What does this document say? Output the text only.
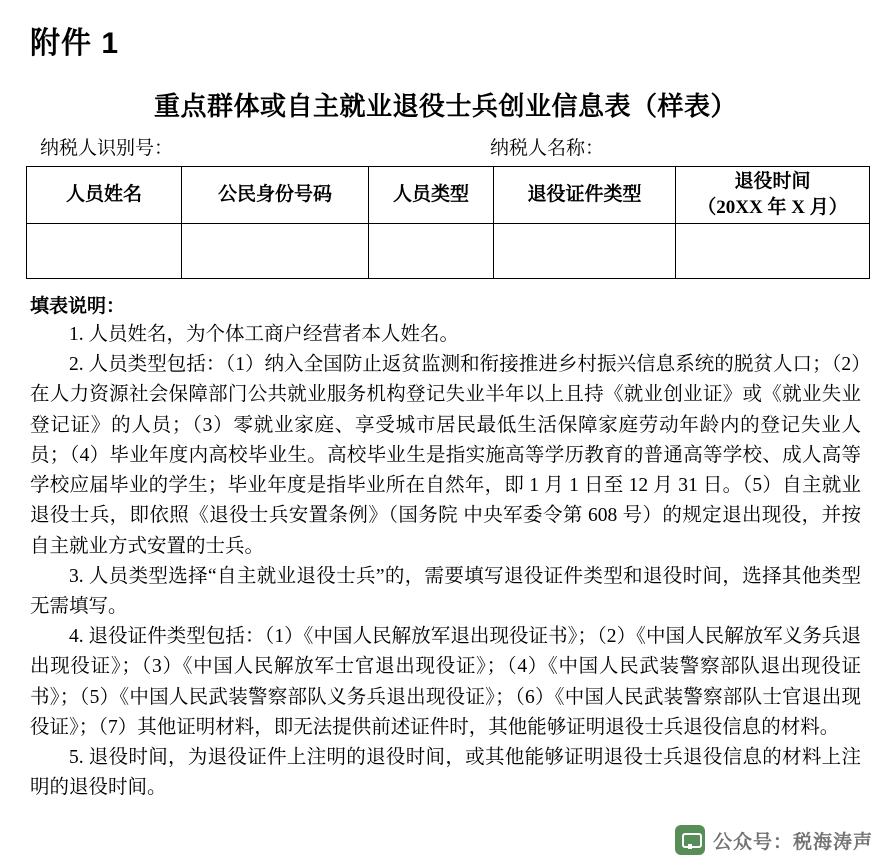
附件 1
重点群体或自主就业退役士兵创业信息表（样表）
纳税人识别号：	纳税人名称：
人员姓名	公民身份号码	人员类型	退役证件类型	退役时间
（20XX 年 X 月）

填表说明：

1. 人员姓名，为个体工商户经营者本人姓名。

2. 人员类型包括：（1）纳入全国防止返贫监测和衔接推进乡村振兴信息系统的脱贫人口；（2）在人力资源社会保障部门公共就业服务机构登记失业半年以上且持《就业创业证》或《就业失业登记证》的人员；（3）零就业家庭、享受城市居民最低生活保障家庭劳动年龄内的登记失业人员；（4）毕业年度内高校毕业生。高校毕业生是指实施高等学历教育的普通高等学校、成人高等学校应届毕业的学生；毕业年度是指毕业所在自然年，即 1 月 1 日至 12 月 31 日。（5）自主就业退役士兵，即依照《退役士兵安置条例》（国务院 中央军委令第 608 号）的规定退出现役，并按自主就业方式安置的士兵。

3. 人员类型选择“自主就业退役士兵”的，需要填写退役证件类型和退役时间，选择其他类型无需填写。

4. 退役证件类型包括：（1）《中国人民解放军退出现役证书》；（2）《中国人民解放军义务兵退出现役证》；（3）《中国人民解放军士官退出现役证》；（4）《中国人民武装警察部队退出现役证书》；（5）《中国人民武装警察部队义务兵退出现役证》；（6）《中国人民武装警察部队士官退出现役证》；（7）其他证明材料，即无法提供前述证件时，其他能够证明退役士兵退役信息的材料。

5. 退役时间，为退役证件上注明的退役时间，或其他能够证明退役士兵退役信息的材料上注明的退役时间。

公众号：税海涛声
